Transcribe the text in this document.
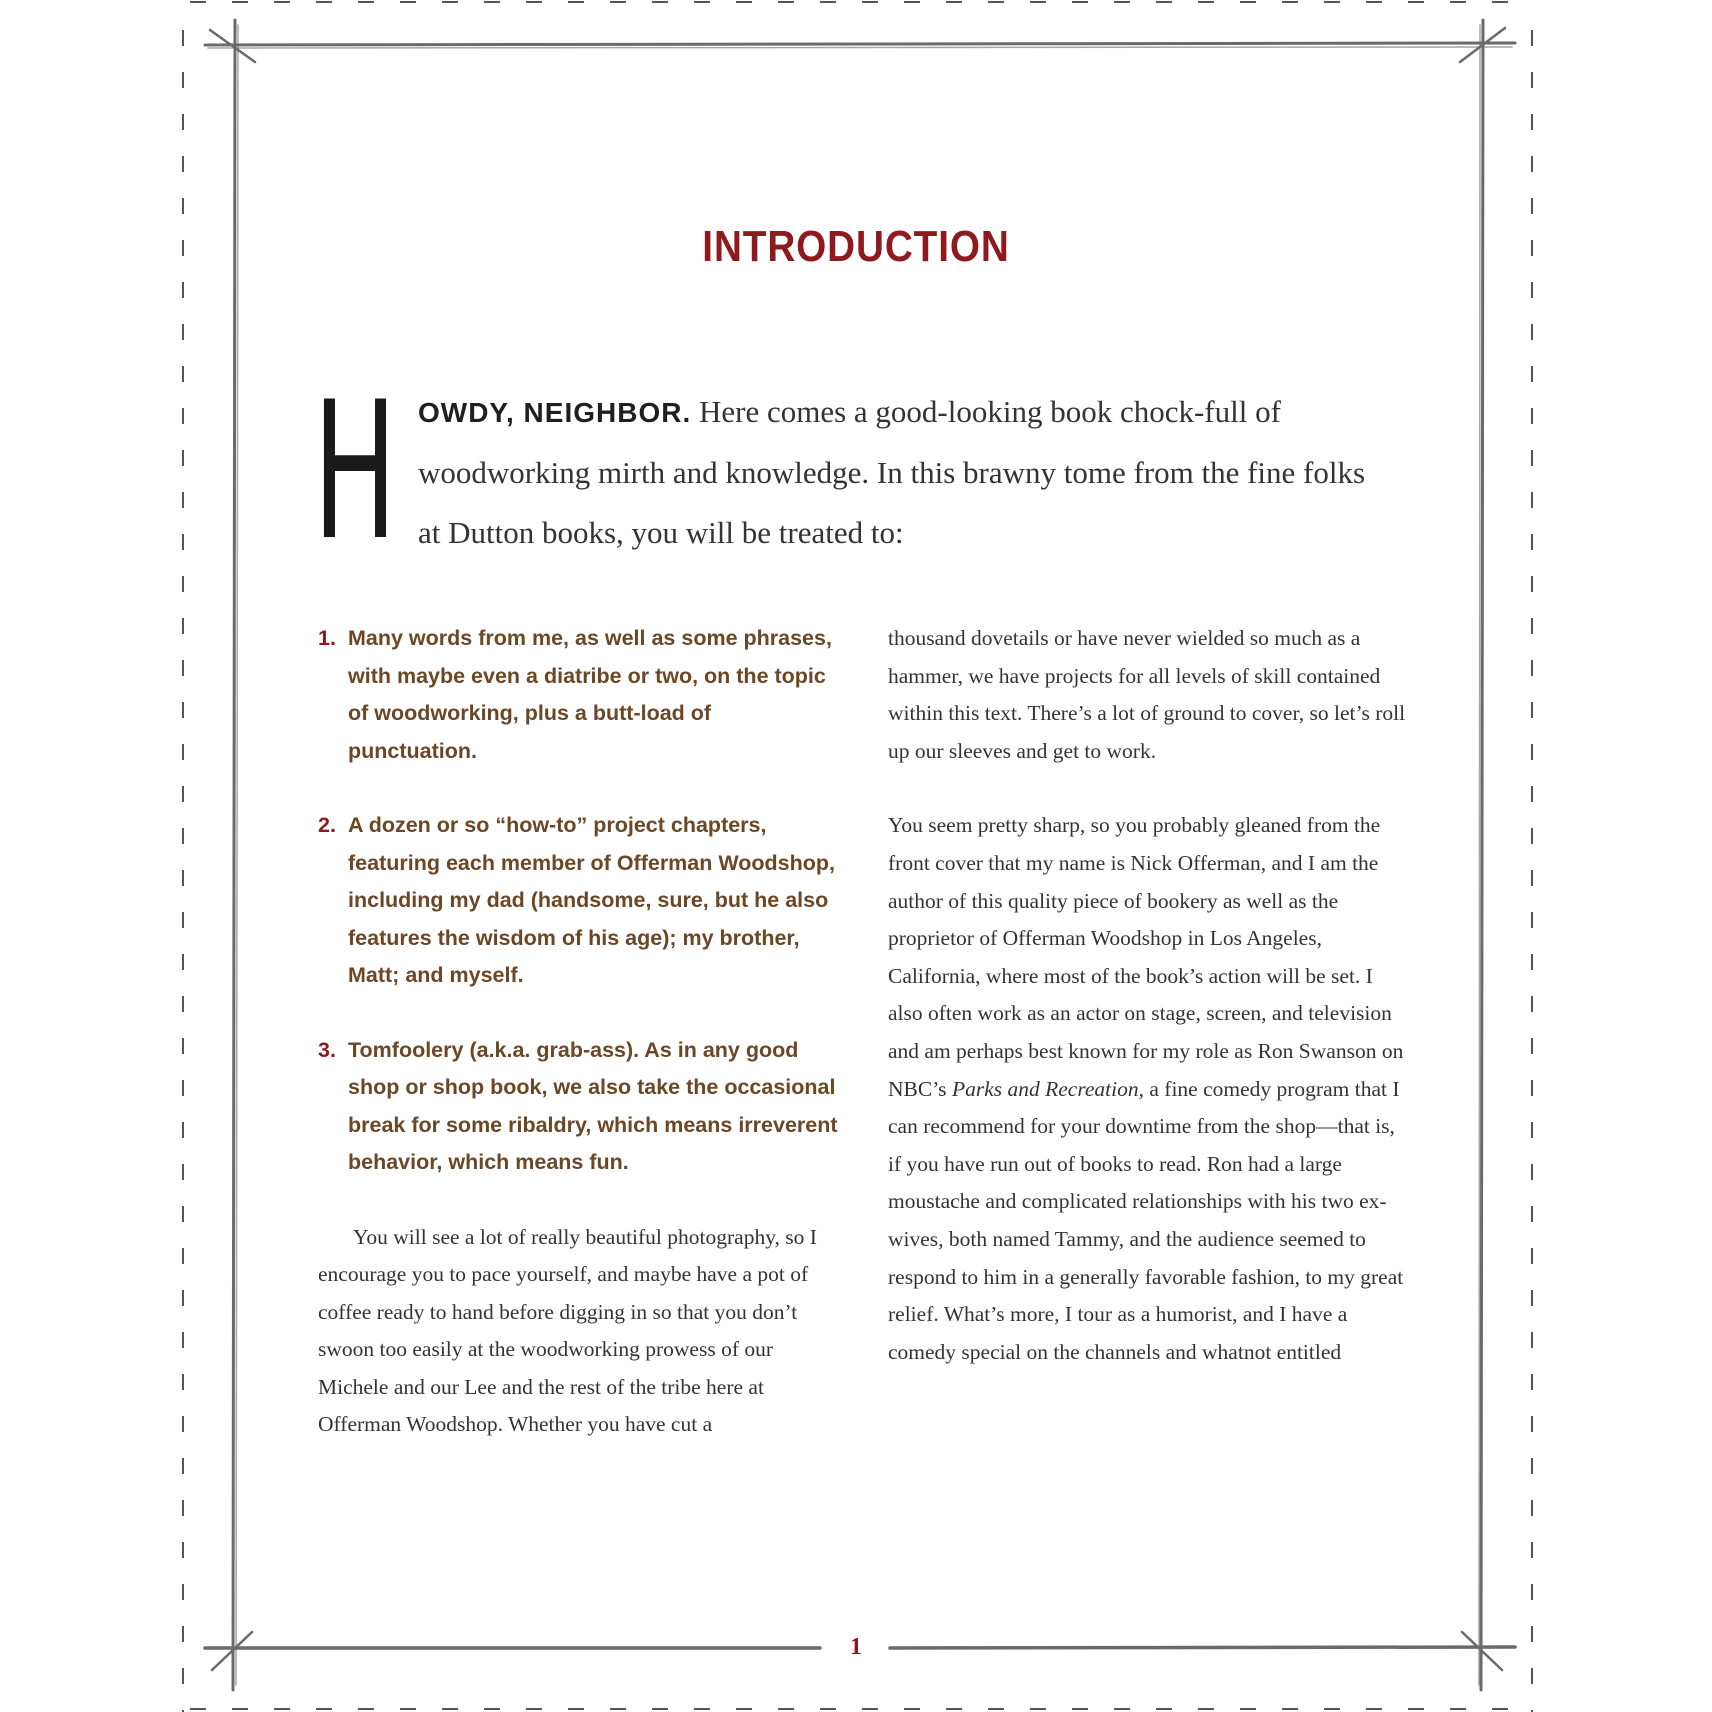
INTRODUCTION
H OWDY, NEIGHBOR. Here comes a good-looking book chock-full of woodworking mirth and knowledge. In this brawny tome from the fine folks at Dutton books, you will be treated to:

1. Many words from me, as well as some phrases, with maybe even a diatribe or two, on the topic of woodworking, plus a butt-load of punctuation.
2. A dozen or so “how-to” project chapters, featuring each member of Offerman Woodshop, including my dad (handsome, sure, but he also features the wisdom of his age); my brother, Matt; and myself.
3. Tomfoolery (a.k.a. grab-ass). As in any good shop or shop book, we also take the occasional break for some ribaldry, which means irreverent behavior, which means fun.

You will see a lot of really beautiful photography, so I encourage you to pace yourself, and maybe have a pot of coffee ready to hand before digging in so that you don’t swoon too easily at the woodworking prowess of our Michele and our Lee and the rest of the tribe here at Offerman Woodshop. Whether you have cut a

thousand dovetails or have never wielded so much as a hammer, we have projects for all levels of skill contained within this text. There’s a lot of ground to cover, so let’s roll up our sleeves and get to work.

You seem pretty sharp, so you probably gleaned from the front cover that my name is Nick Offerman, and I am the author of this quality piece of bookery as well as the proprietor of Offerman Woodshop in Los Angeles, California, where most of the book’s action will be set. I also often work as an actor on stage, screen, and television and am perhaps best known for my role as Ron Swanson on NBC’s Parks and Recreation, a fine comedy program that I can recommend for your downtime from the shop—that is, if you have run out of books to read. Ron had a large moustache and complicated relationships with his two ex-wives, both named Tammy, and the audience seemed to respond to him in a generally favorable fashion, to my great relief. What’s more, I tour as a humorist, and I have a comedy special on the channels and whatnot entitled

1
